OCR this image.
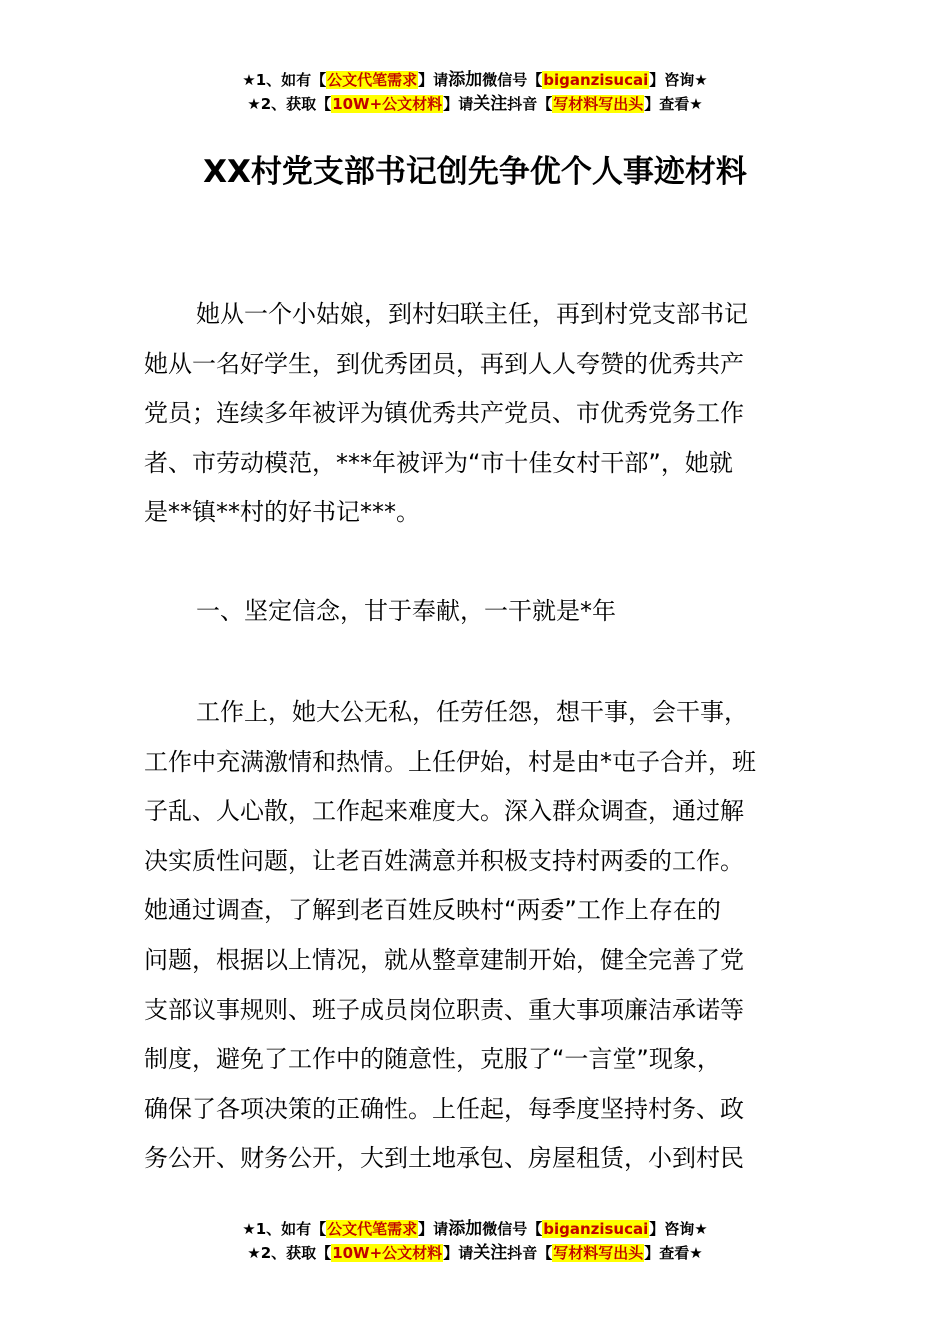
★1、如有【公文代笔需求】请添加微信号【biganzisucai】咨询★
★2、获取【10W+公文材料】请关注抖音【写材料写出头】查看★
XX村党支部书记创先争优个人事迹材料
她从一个小姑娘，到村妇联主任，再到村党支部书记
她从一名好学生，到优秀团员，再到人人夸赞的优秀共产
党员；连续多年被评为镇优秀共产党员、市优秀党务工作
者、市劳动模范，***年被评为“市十佳女村干部”，她就
是**镇**村的好书记***。
一、坚定信念，甘于奉献，一干就是*年
工作上，她大公无私，任劳任怨，想干事，会干事，
工作中充满激情和热情。上任伊始，村是由*屯子合并，班
子乱、人心散，工作起来难度大。深入群众调查，通过解
决实质性问题，让老百姓满意并积极支持村两委的工作。
她通过调查，了解到老百姓反映村“两委”工作上存在的
问题，根据以上情况，就从整章建制开始，健全完善了党
支部议事规则、班子成员岗位职责、重大事项廉洁承诺等
制度，避免了工作中的随意性，克服了“一言堂”现象，
确保了各项决策的正确性。上任起，每季度坚持村务、政
务公开、财务公开，大到土地承包、房屋租赁，小到村民
★1、如有【公文代笔需求】请添加微信号【biganzisucai】咨询★
★2、获取【10W+公文材料】请关注抖音【写材料写出头】查看★
